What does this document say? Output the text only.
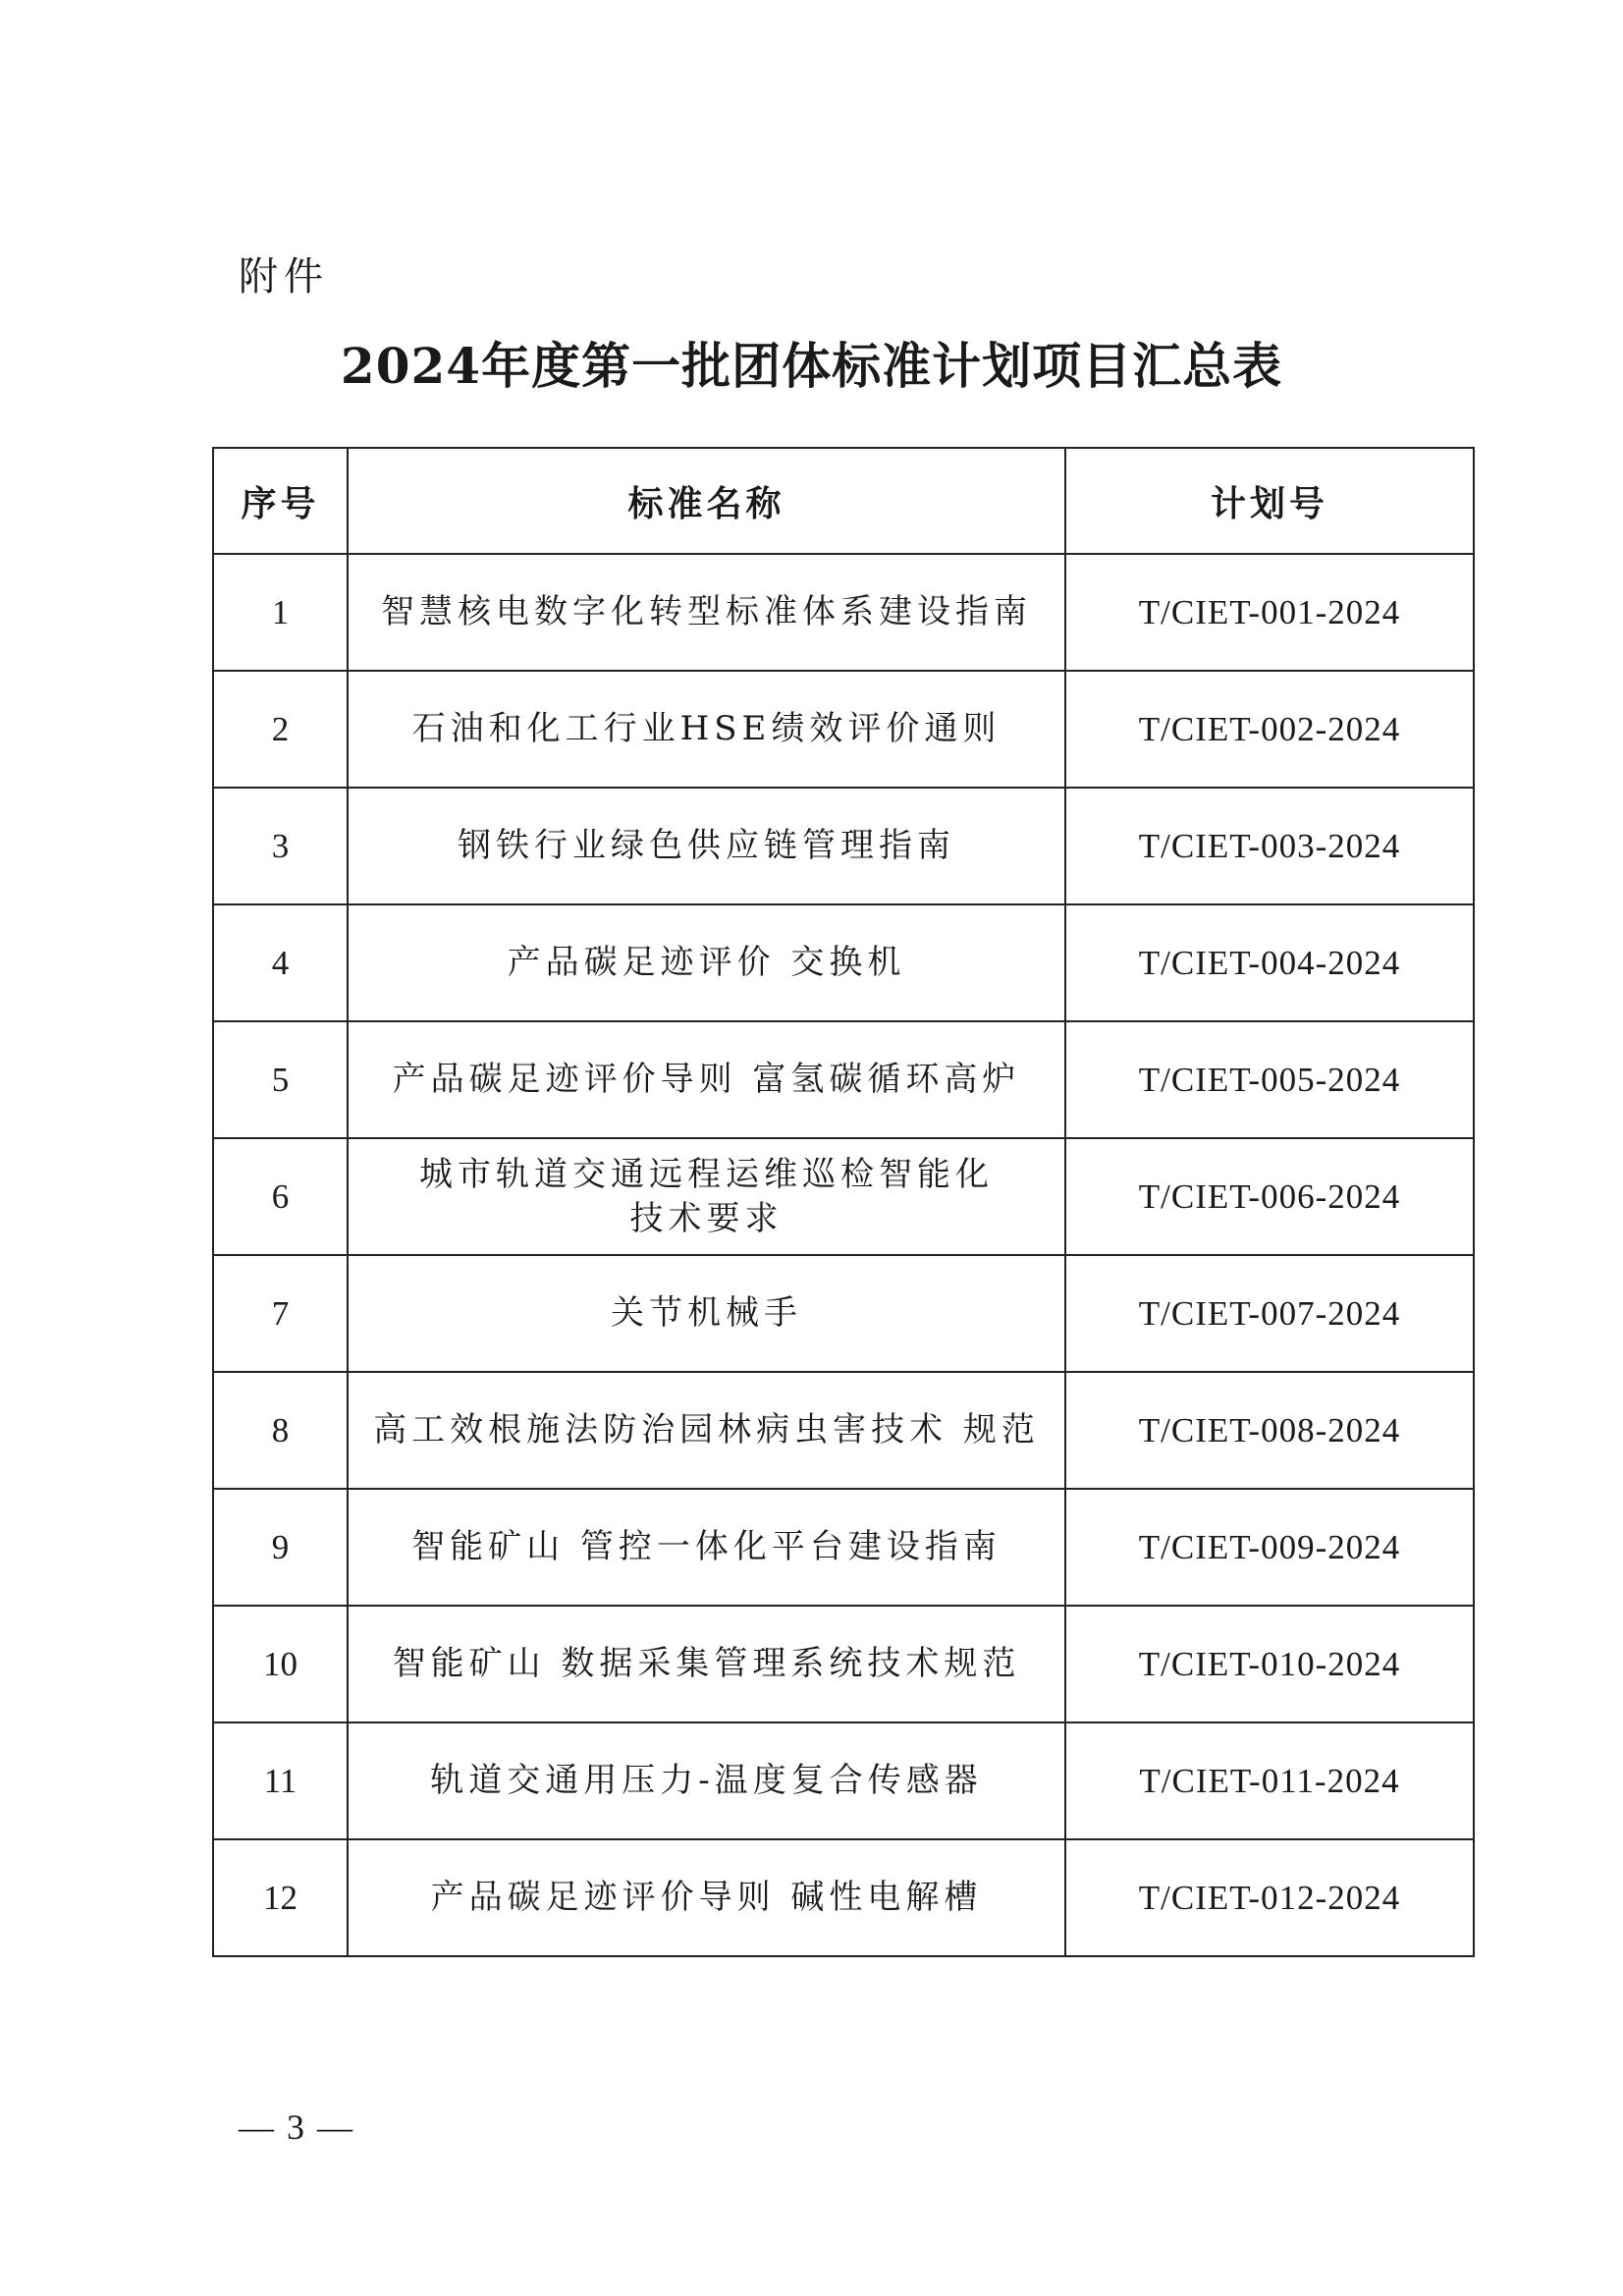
附件
2024年度第一批团体标准计划项目汇总表
序号	标准名称	计划号
1	智慧核电数字化转型标准体系建设指南	T/CIET-001-2024
2	石油和化工行业HSE绩效评价通则	T/CIET-002-2024
3	钢铁行业绿色供应链管理指南	T/CIET-003-2024
4	产品碳足迹评价 交换机	T/CIET-004-2024
5	产品碳足迹评价导则 富氢碳循环高炉	T/CIET-005-2024
6	城市轨道交通远程运维巡检智能化技术要求	T/CIET-006-2024
7	关节机械手	T/CIET-007-2024
8	高工效根施法防治园林病虫害技术 规范	T/CIET-008-2024
9	智能矿山 管控一体化平台建设指南	T/CIET-009-2024
10	智能矿山 数据采集管理系统技术规范	T/CIET-010-2024
11	轨道交通用压力-温度复合传感器	T/CIET-011-2024
12	产品碳足迹评价导则 碱性电解槽	T/CIET-012-2024
— 3 —
